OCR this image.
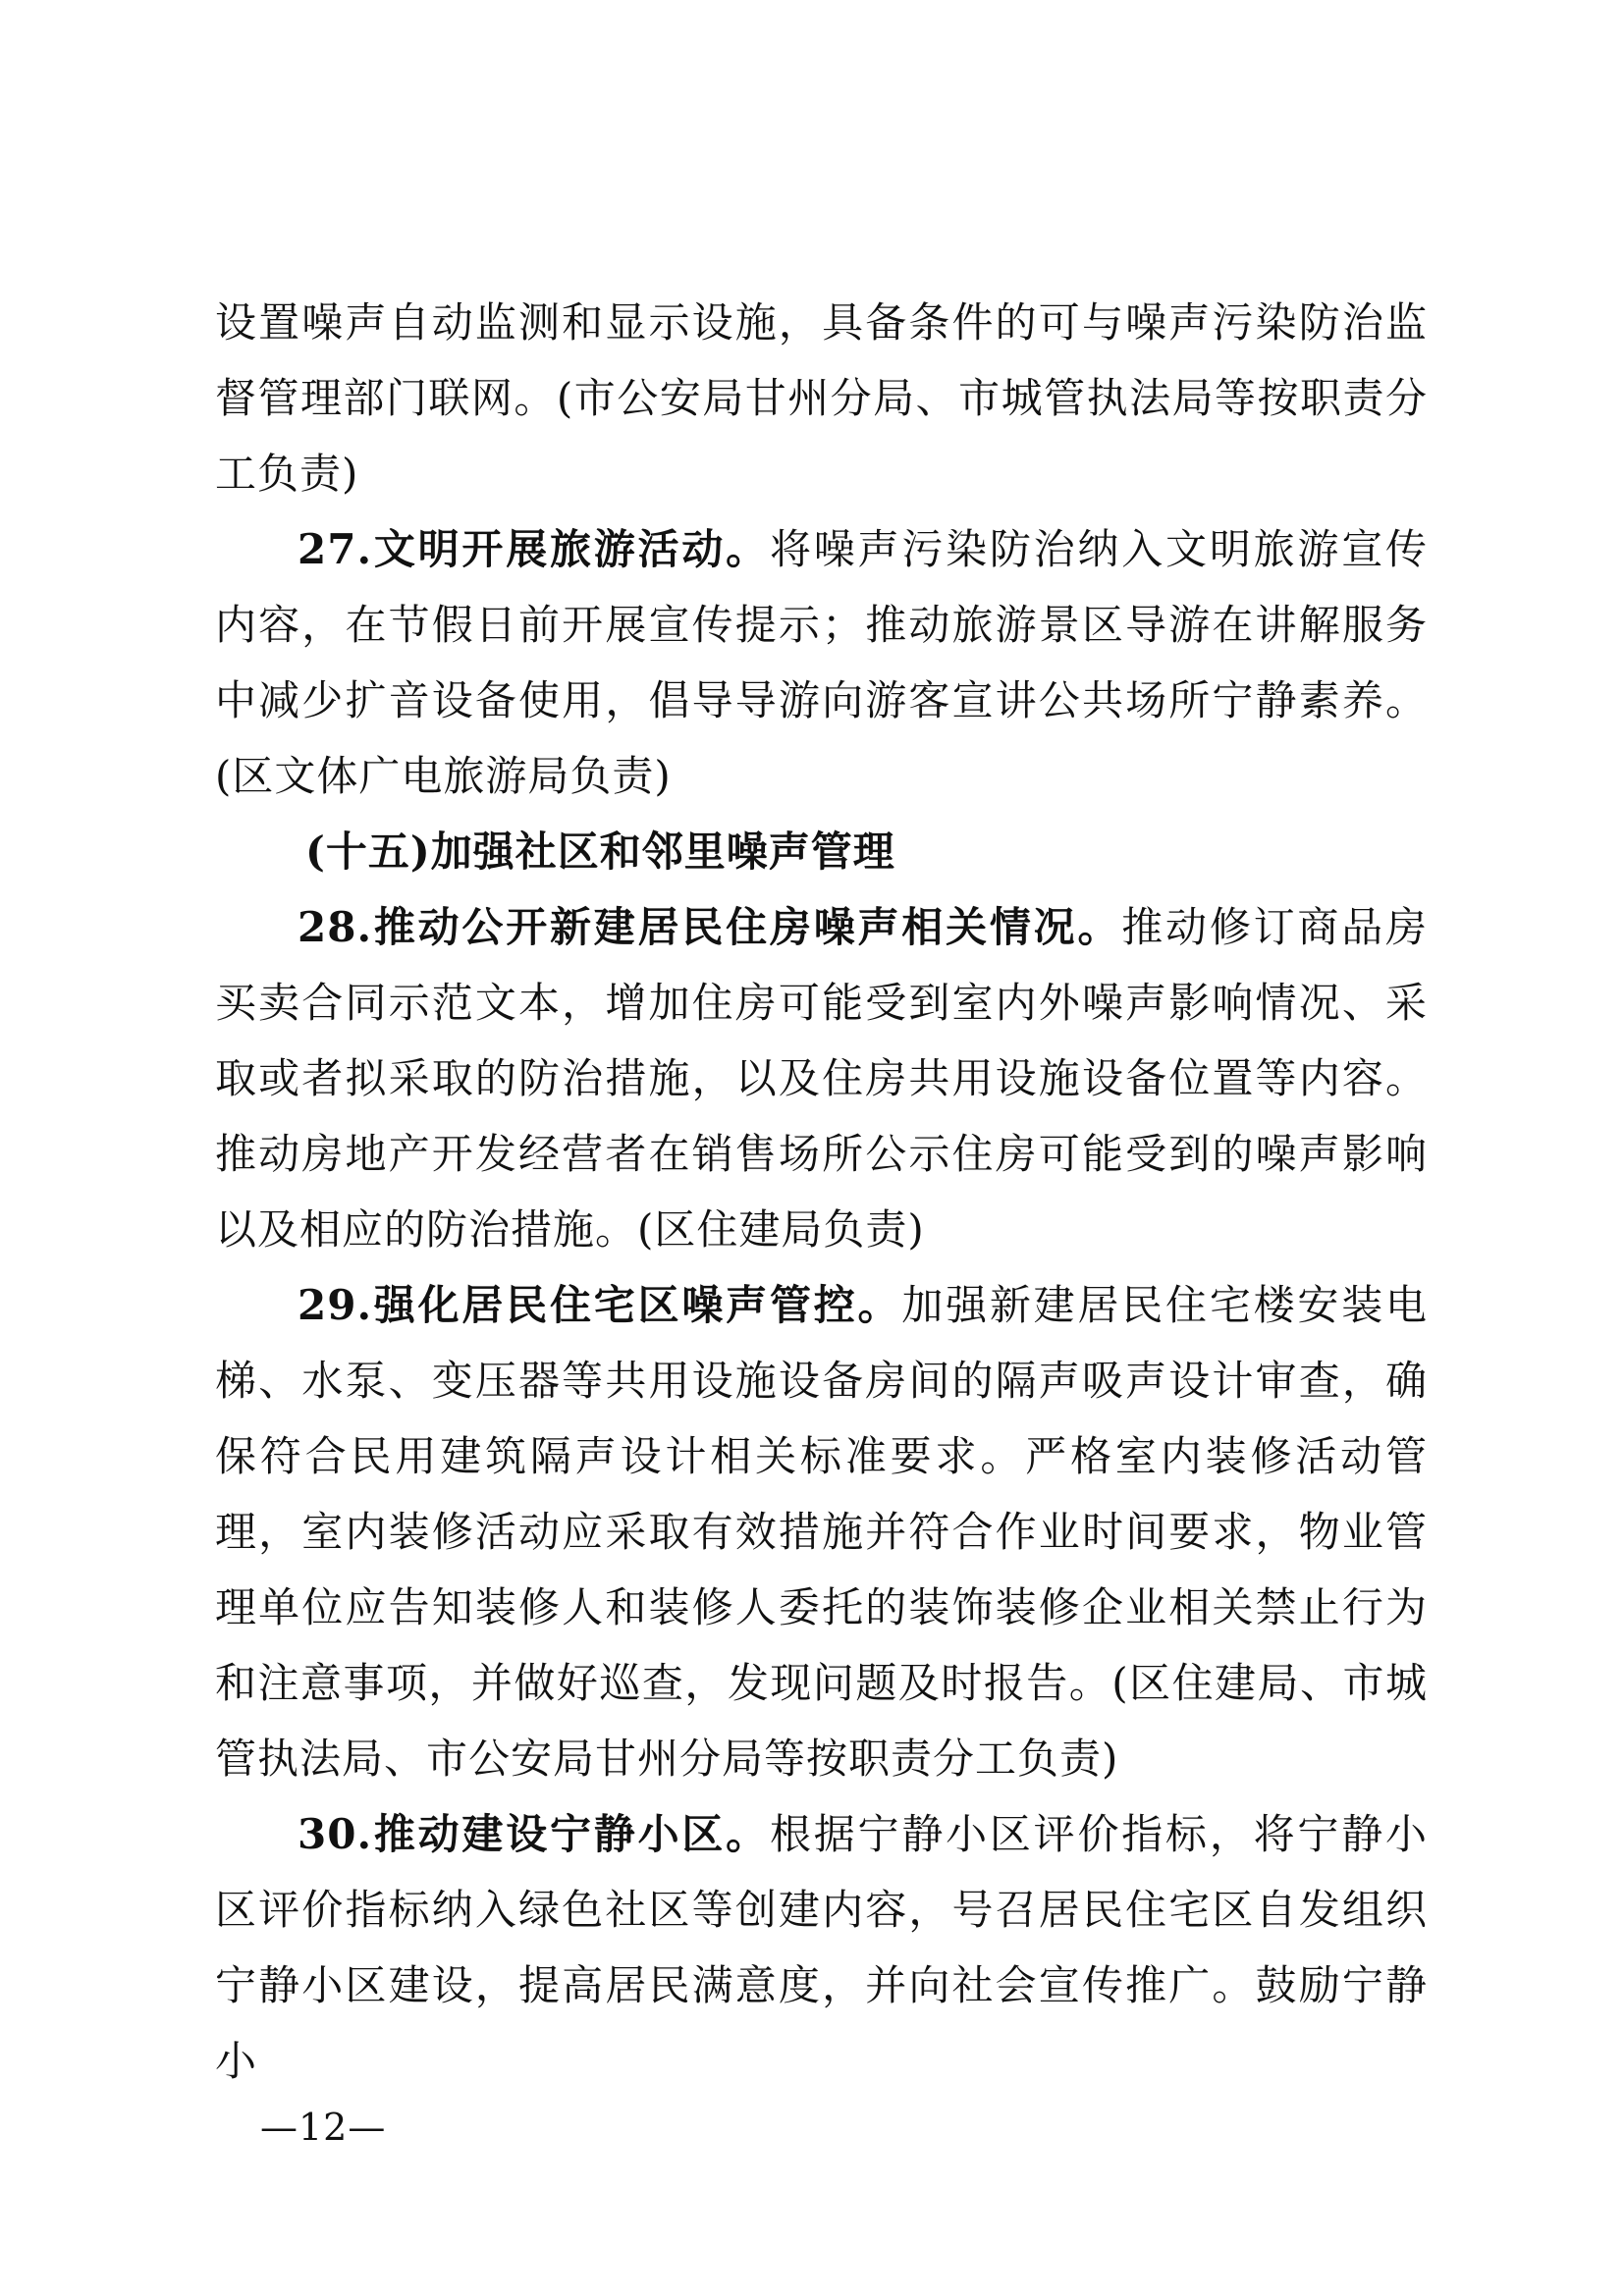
设置噪声自动监测和显示设施，具备条件的可与噪声污染防治监督管理部门联网。(市公安局甘州分局、市城管执法局等按职责分工负责)

27.文明开展旅游活动。将噪声污染防治纳入文明旅游宣传内容，在节假日前开展宣传提示；推动旅游景区导游在讲解服务中减少扩音设备使用，倡导导游向游客宣讲公共场所宁静素养。(区文体广电旅游局负责)

(十五)加强社区和邻里噪声管理

28.推动公开新建居民住房噪声相关情况。推动修订商品房买卖合同示范文本，增加住房可能受到室内外噪声影响情况、采取或者拟采取的防治措施，以及住房共用设施设备位置等内容。推动房地产开发经营者在销售场所公示住房可能受到的噪声影响以及相应的防治措施。(区住建局负责)

29.强化居民住宅区噪声管控。加强新建居民住宅楼安装电梯、水泵、变压器等共用设施设备房间的隔声吸声设计审查，确保符合民用建筑隔声设计相关标准要求。严格室内装修活动管理，室内装修活动应采取有效措施并符合作业时间要求，物业管理单位应告知装修人和装修人委托的装饰装修企业相关禁止行为和注意事项，并做好巡查，发现问题及时报告。(区住建局、市城管执法局、市公安局甘州分局等按职责分工负责)

30.推动建设宁静小区。根据宁静小区评价指标，将宁静小区评价指标纳入绿色社区等创建内容，号召居民住宅区自发组织宁静小区建设，提高居民满意度，并向社会宣传推广。鼓励宁静小

—12—
